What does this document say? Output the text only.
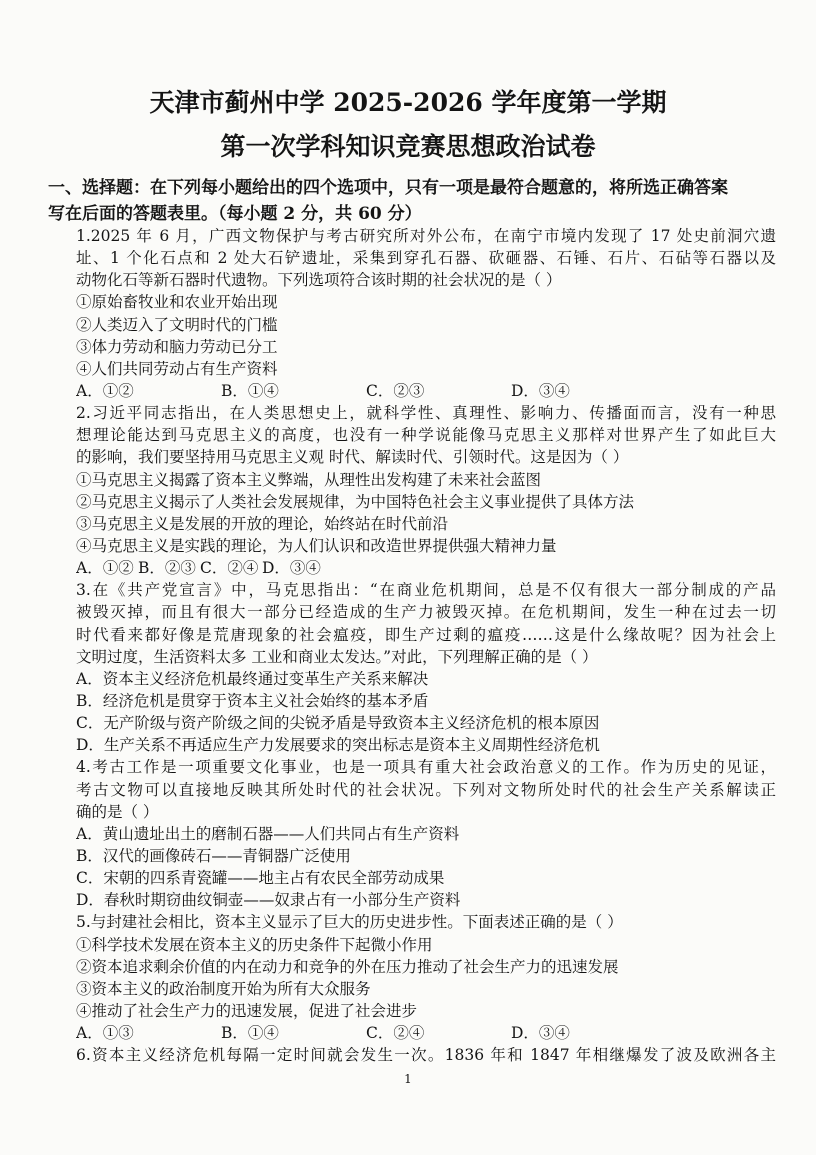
天津市蓟州中学 2025-2026 学年度第一学期
第一次学科知识竞赛思想政治试卷
一、选择题：在下列每小题给出的四个选项中，只有一项是最符合题意的，将所选正确答案
写在后面的答题表里。（每小题 2 分，共 60 分）
1.2025 年 6 月，广西文物保护与考古研究所对外公布，在南宁市境内发现了 17 处史前洞穴遗
址、1 个化石点和 2 处大石铲遗址，采集到穿孔石器、砍砸器、石锤、石片、石砧等石器以及
动物化石等新石器时代遗物。下列选项符合该时期的社会状况的是（ ）
①原始畜牧业和农业开始出现
②人类迈入了文明时代的门槛
③体力劳动和脑力劳动已分工
④人们共同劳动占有生产资料
A．①②	B．①④	C．②③	D．③④
2.习近平同志指出，在人类思想史上，就科学性、真理性、影响力、传播面而言，没有一种思
想理论能达到马克思主义的高度，也没有一种学说能像马克思主义那样对世界产生了如此巨大
的影响，我们要坚持用马克思主义观 时代、解读时代、引领时代。这是因为（ ）
①马克思主义揭露了资本主义弊端，从理性出发构建了未来社会蓝图
②马克思主义揭示了人类社会发展规律，为中国特色社会主义事业提供了具体方法
③马克思主义是发展的开放的理论，始终站在时代前沿
④马克思主义是实践的理论，为人们认识和改造世界提供强大精神力量
A．①② B．②③ C．②④ D．③④
3.在《共产党宣言》中，马克思指出：“在商业危机期间，总是不仅有很大一部分制成的产品
被毁灭掉，而且有很大一部分已经造成的生产力被毁灭掉。在危机期间，发生一种在过去一切
时代看来都好像是荒唐现象的社会瘟疫，即生产过剩的瘟疫……这是什么缘故呢？因为社会上
文明过度，生活资料太多 工业和商业太发达。”对此，下列理解正确的是（ ）
A．资本主义经济危机最终通过变革生产关系来解决
B．经济危机是贯穿于资本主义社会始终的基本矛盾
C．无产阶级与资产阶级之间的尖锐矛盾是导致资本主义经济危机的根本原因
D．生产关系不再适应生产力发展要求的突出标志是资本主义周期性经济危机
4.考古工作是一项重要文化事业，也是一项具有重大社会政治意义的工作。作为历史的见证，
考古文物可以直接地反映其所处时代的社会状况。下列对文物所处时代的社会生产关系解读正
确的是（ ）
A．黄山遗址出土的磨制石器——人们共同占有生产资料
B．汉代的画像砖石——青铜器广泛使用
C．宋朝的四系青瓷罐——地主占有农民全部劳动成果
D．春秋时期窃曲纹铜壶——奴隶占有一小部分生产资料
5.与封建社会相比，资本主义显示了巨大的历史进步性。下面表述正确的是（ ）
①科学技术发展在资本主义的历史条件下起微小作用
②资本追求剩余价值的内在动力和竞争的外在压力推动了社会生产力的迅速发展
③资本主义的政治制度开始为所有大众服务
④推动了社会生产力的迅速发展，促进了社会进步
A．①③	B．①④	C．②④	D．③④
6.资本主义经济危机每隔一定时间就会发生一次。1836 年和 1847 年相继爆发了波及欧洲各主
1
